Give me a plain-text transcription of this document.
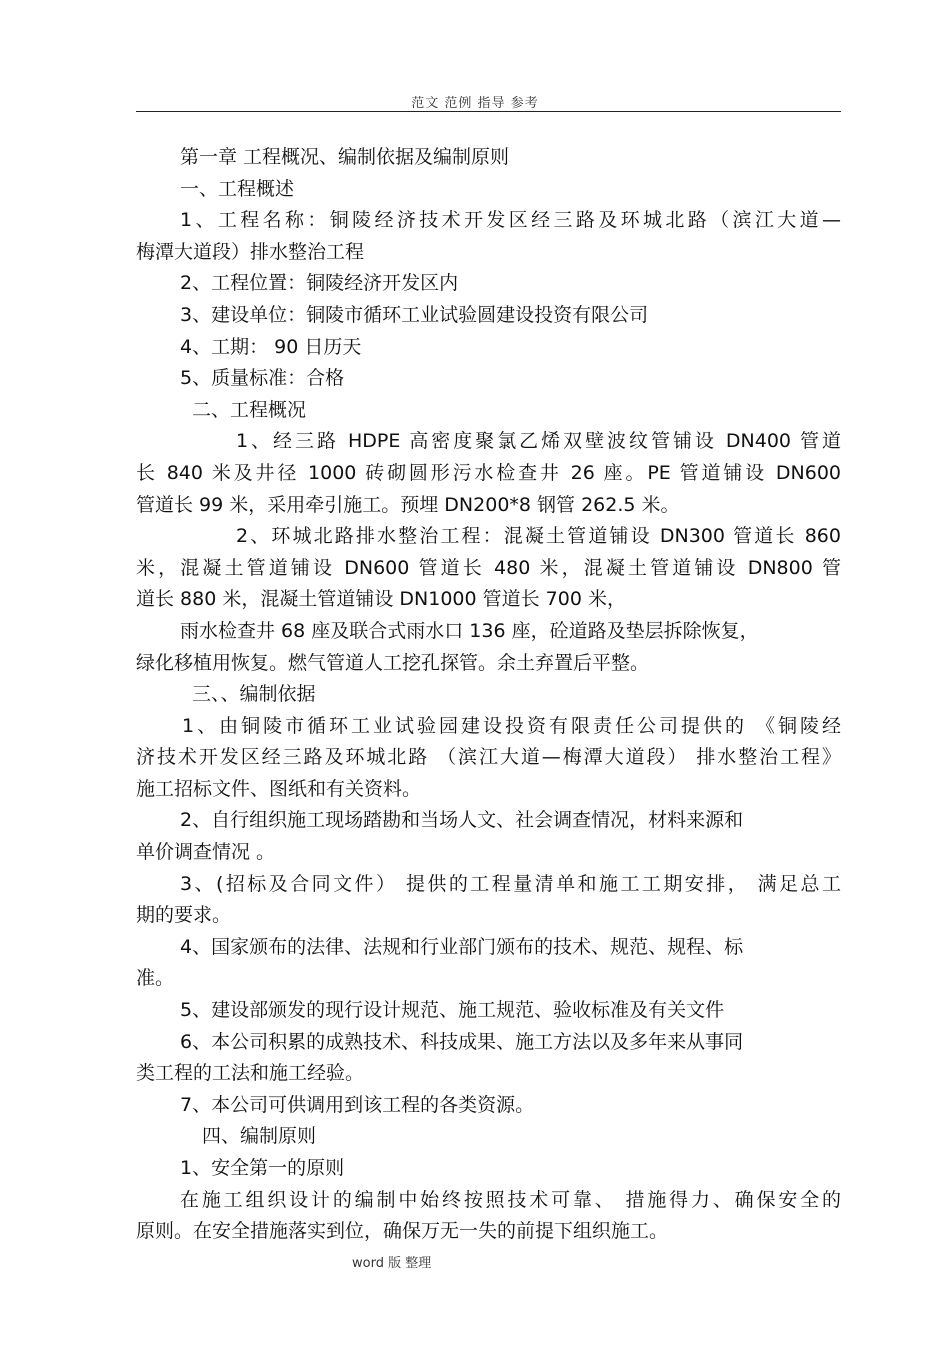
范文 范例 指导 参考
第一章 工程概况、编制依据及编制原则
一、工程概述
1、工程名称：铜陵经济技术开发区经三路及环城北路（滨江大道—
梅潭大道段）排水整治工程
2、工程位置：铜陵经济开发区内
3、建设单位：铜陵市循环工业试验圆建设投资有限公司
4、工期： 90 日历天
5、质量标准：合格
二、工程概况
1、经三路 HDPE 高密度聚氯乙烯双壁波纹管铺设 DN400 管道
长 840 米及井径 1000 砖砌圆形污水检查井 26 座。PE 管道铺设 DN600
管道长 99 米，采用牵引施工。预埋 DN200*8 钢管 262.5 米。
2、环城北路排水整治工程：混凝土管道铺设 DN300 管道长 860
米，混凝土管道铺设 DN600 管道长 480 米，混凝土管道铺设 DN800 管
道长 880 米，混凝土管道铺设 DN1000 管道长 700 米，
雨水检查井 68 座及联合式雨水口 136 座，砼道路及垫层拆除恢复，
绿化移植用恢复。燃气管道人工挖孔探管。余土弃置后平整。
三、、编制依据
1、由铜陵市循环工业试验园建设投资有限责任公司提供的 《铜陵经
济技术开发区经三路及环城北路 （滨江大道—梅潭大道段） 排水整治工程》
施工招标文件、图纸和有关资料。
2、自行组织施工现场踏勘和当场人文、社会调查情况，材料来源和
单价调查情况 。
3、(招标及合同文件） 提供的工程量清单和施工工期安排， 满足总工
期的要求。
4、国家颁布的法律、法规和行业部门颁布的技术、规范、规程、标
准。
5、建设部颁发的现行设计规范、施工规范、验收标准及有关文件
6、本公司积累的成熟技术、科技成果、施工方法以及多年来从事同
类工程的工法和施工经验。
7、本公司可供调用到该工程的各类资源。
四、编制原则
1、安全第一的原则
在施工组织设计的编制中始终按照技术可靠、 措施得力、确保安全的
原则。在安全措施落实到位，确保万无一失的前提下组织施工。
word 版 整理
